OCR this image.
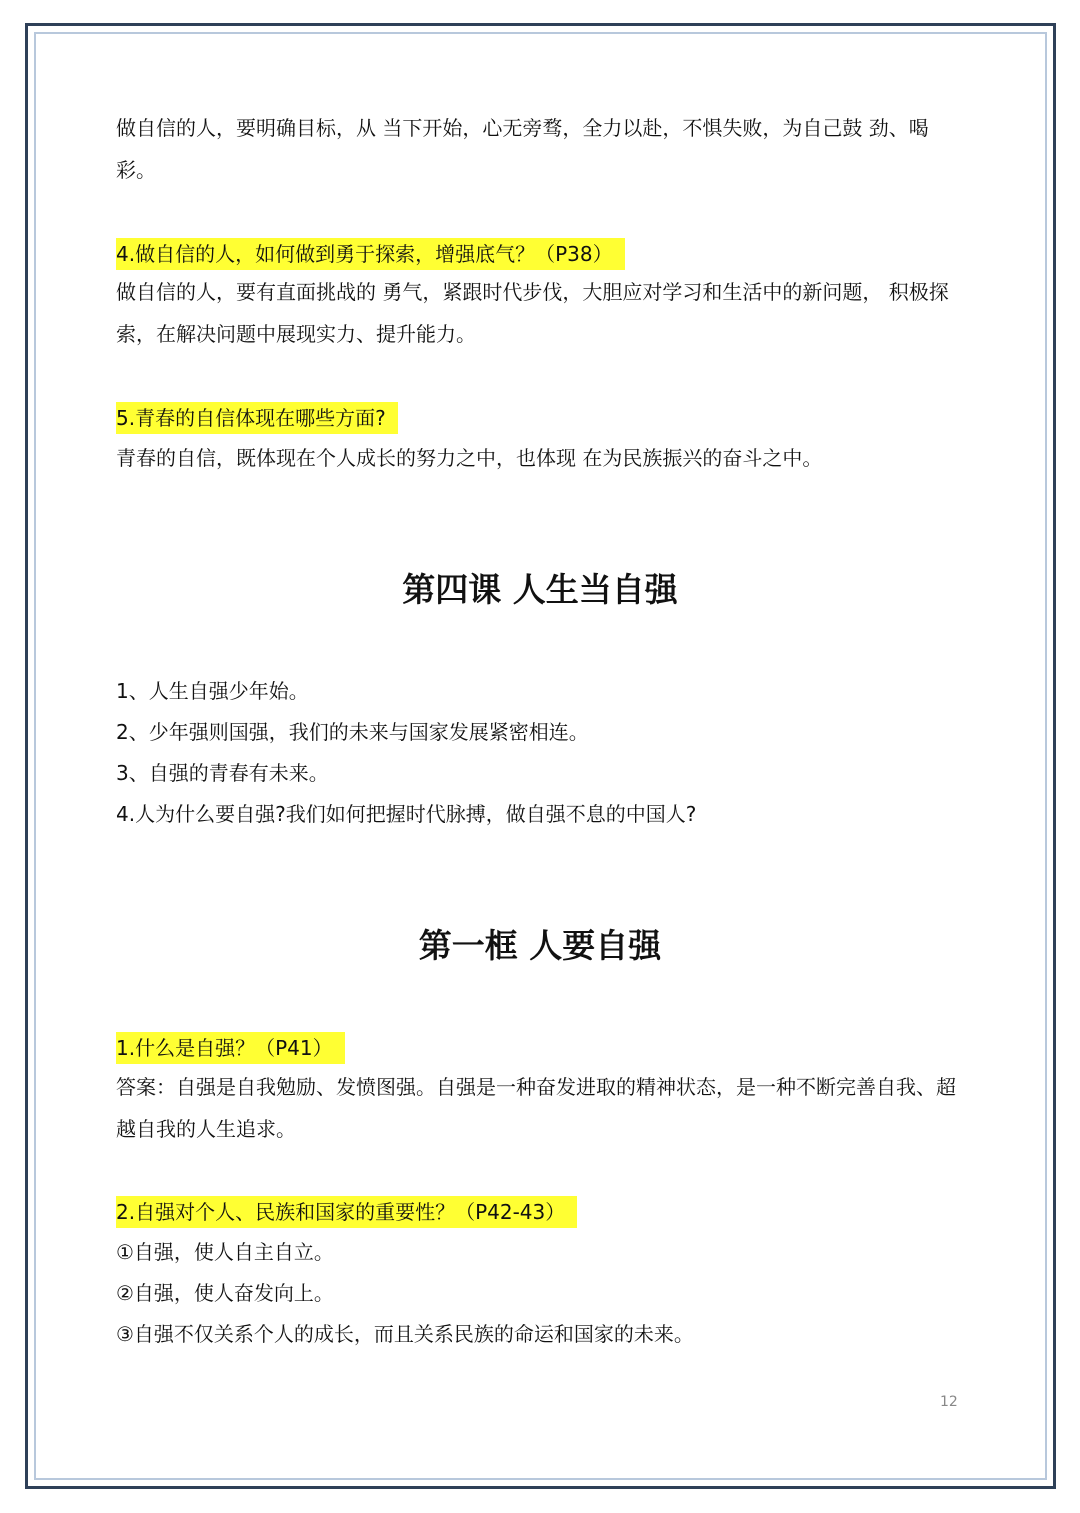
做自信的人，要明确目标，从 当下开始，心无旁骛，全力以赴，不惧失败，为自己鼓 劲、喝彩。

4.做自信的人，如何做到勇于探索，增强底气？（P38）

做自信的人，要有直面挑战的 勇气，紧跟时代步伐，大胆应对学习和生活中的新问题， 积极探索，在解决问题中展现实力、提升能力。

5.青春的自信体现在哪些方面?

青春的自信，既体现在个人成长的努力之中，也体现 在为民族振兴的奋斗之中。

第四课 人生当自强

1、人生自强少年始。

2、少年强则国强，我们的未来与国家发展紧密相连。

3、自强的青春有未来。

4.人为什么要自强?我们如何把握时代脉搏，做自强不息的中国人?

第一框 人要自强
1.什么是自强？（P41）

答案：自强是自我勉励、发愤图强。自强是一种奋发进取的精神状态，是一种不断完善自我、超越自我的人生追求。

2.自强对个人、民族和国家的重要性？（P42-43）

①自强，使人自主自立。

②自强，使人奋发向上。

③自强不仅关系个人的成长，而且关系民族的命运和国家的未来。

12
